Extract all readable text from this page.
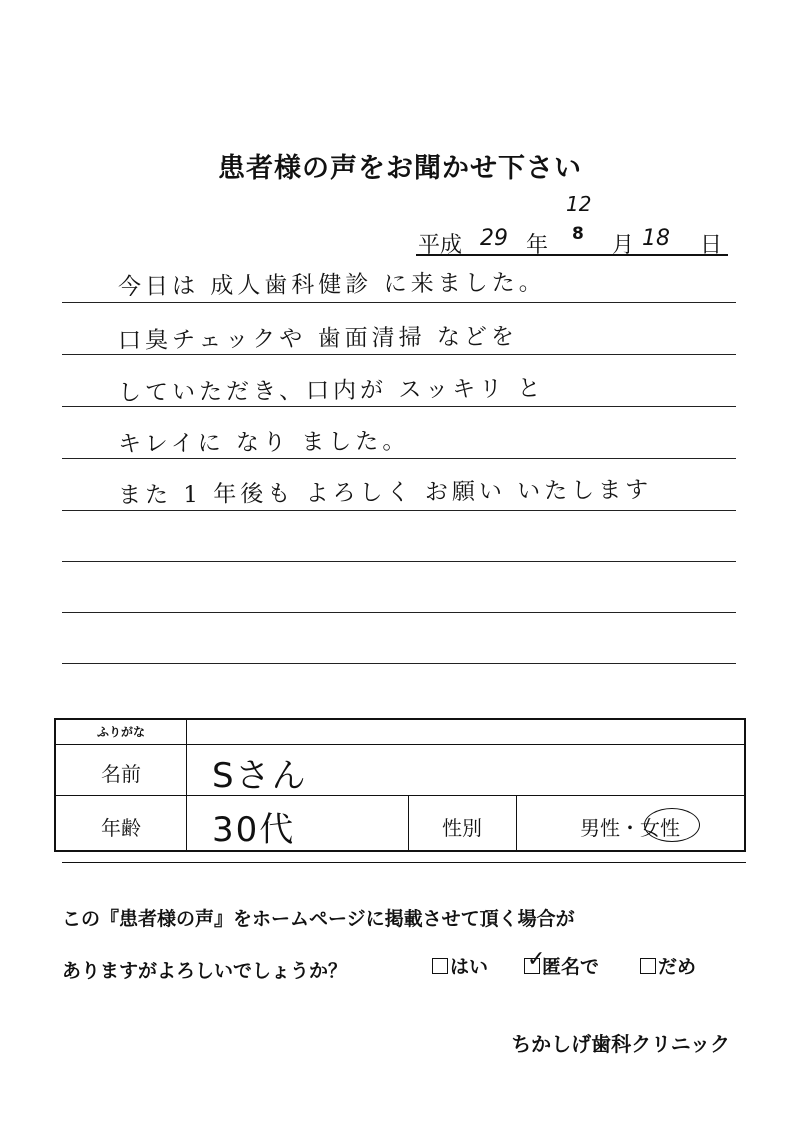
患者様の声をお聞かせ下さい
平成 29 年 8
12
月 18 日
今日は 成人歯科健診 に来ました。
口臭チェックや 歯面清掃 などを
していただき、口内が スッキリ と
キレイに なり ました。
また 1 年後も よろしく お願い いたします
ふりがな
名前	Sさん
年齢	30代	性別	男性・女性
この『患者様の声』をホームページに掲載させて頂く場合が
ありますがよろしいでしょうか？	はい ✓
匿名で	だめ
ちかしげ歯科クリニック
